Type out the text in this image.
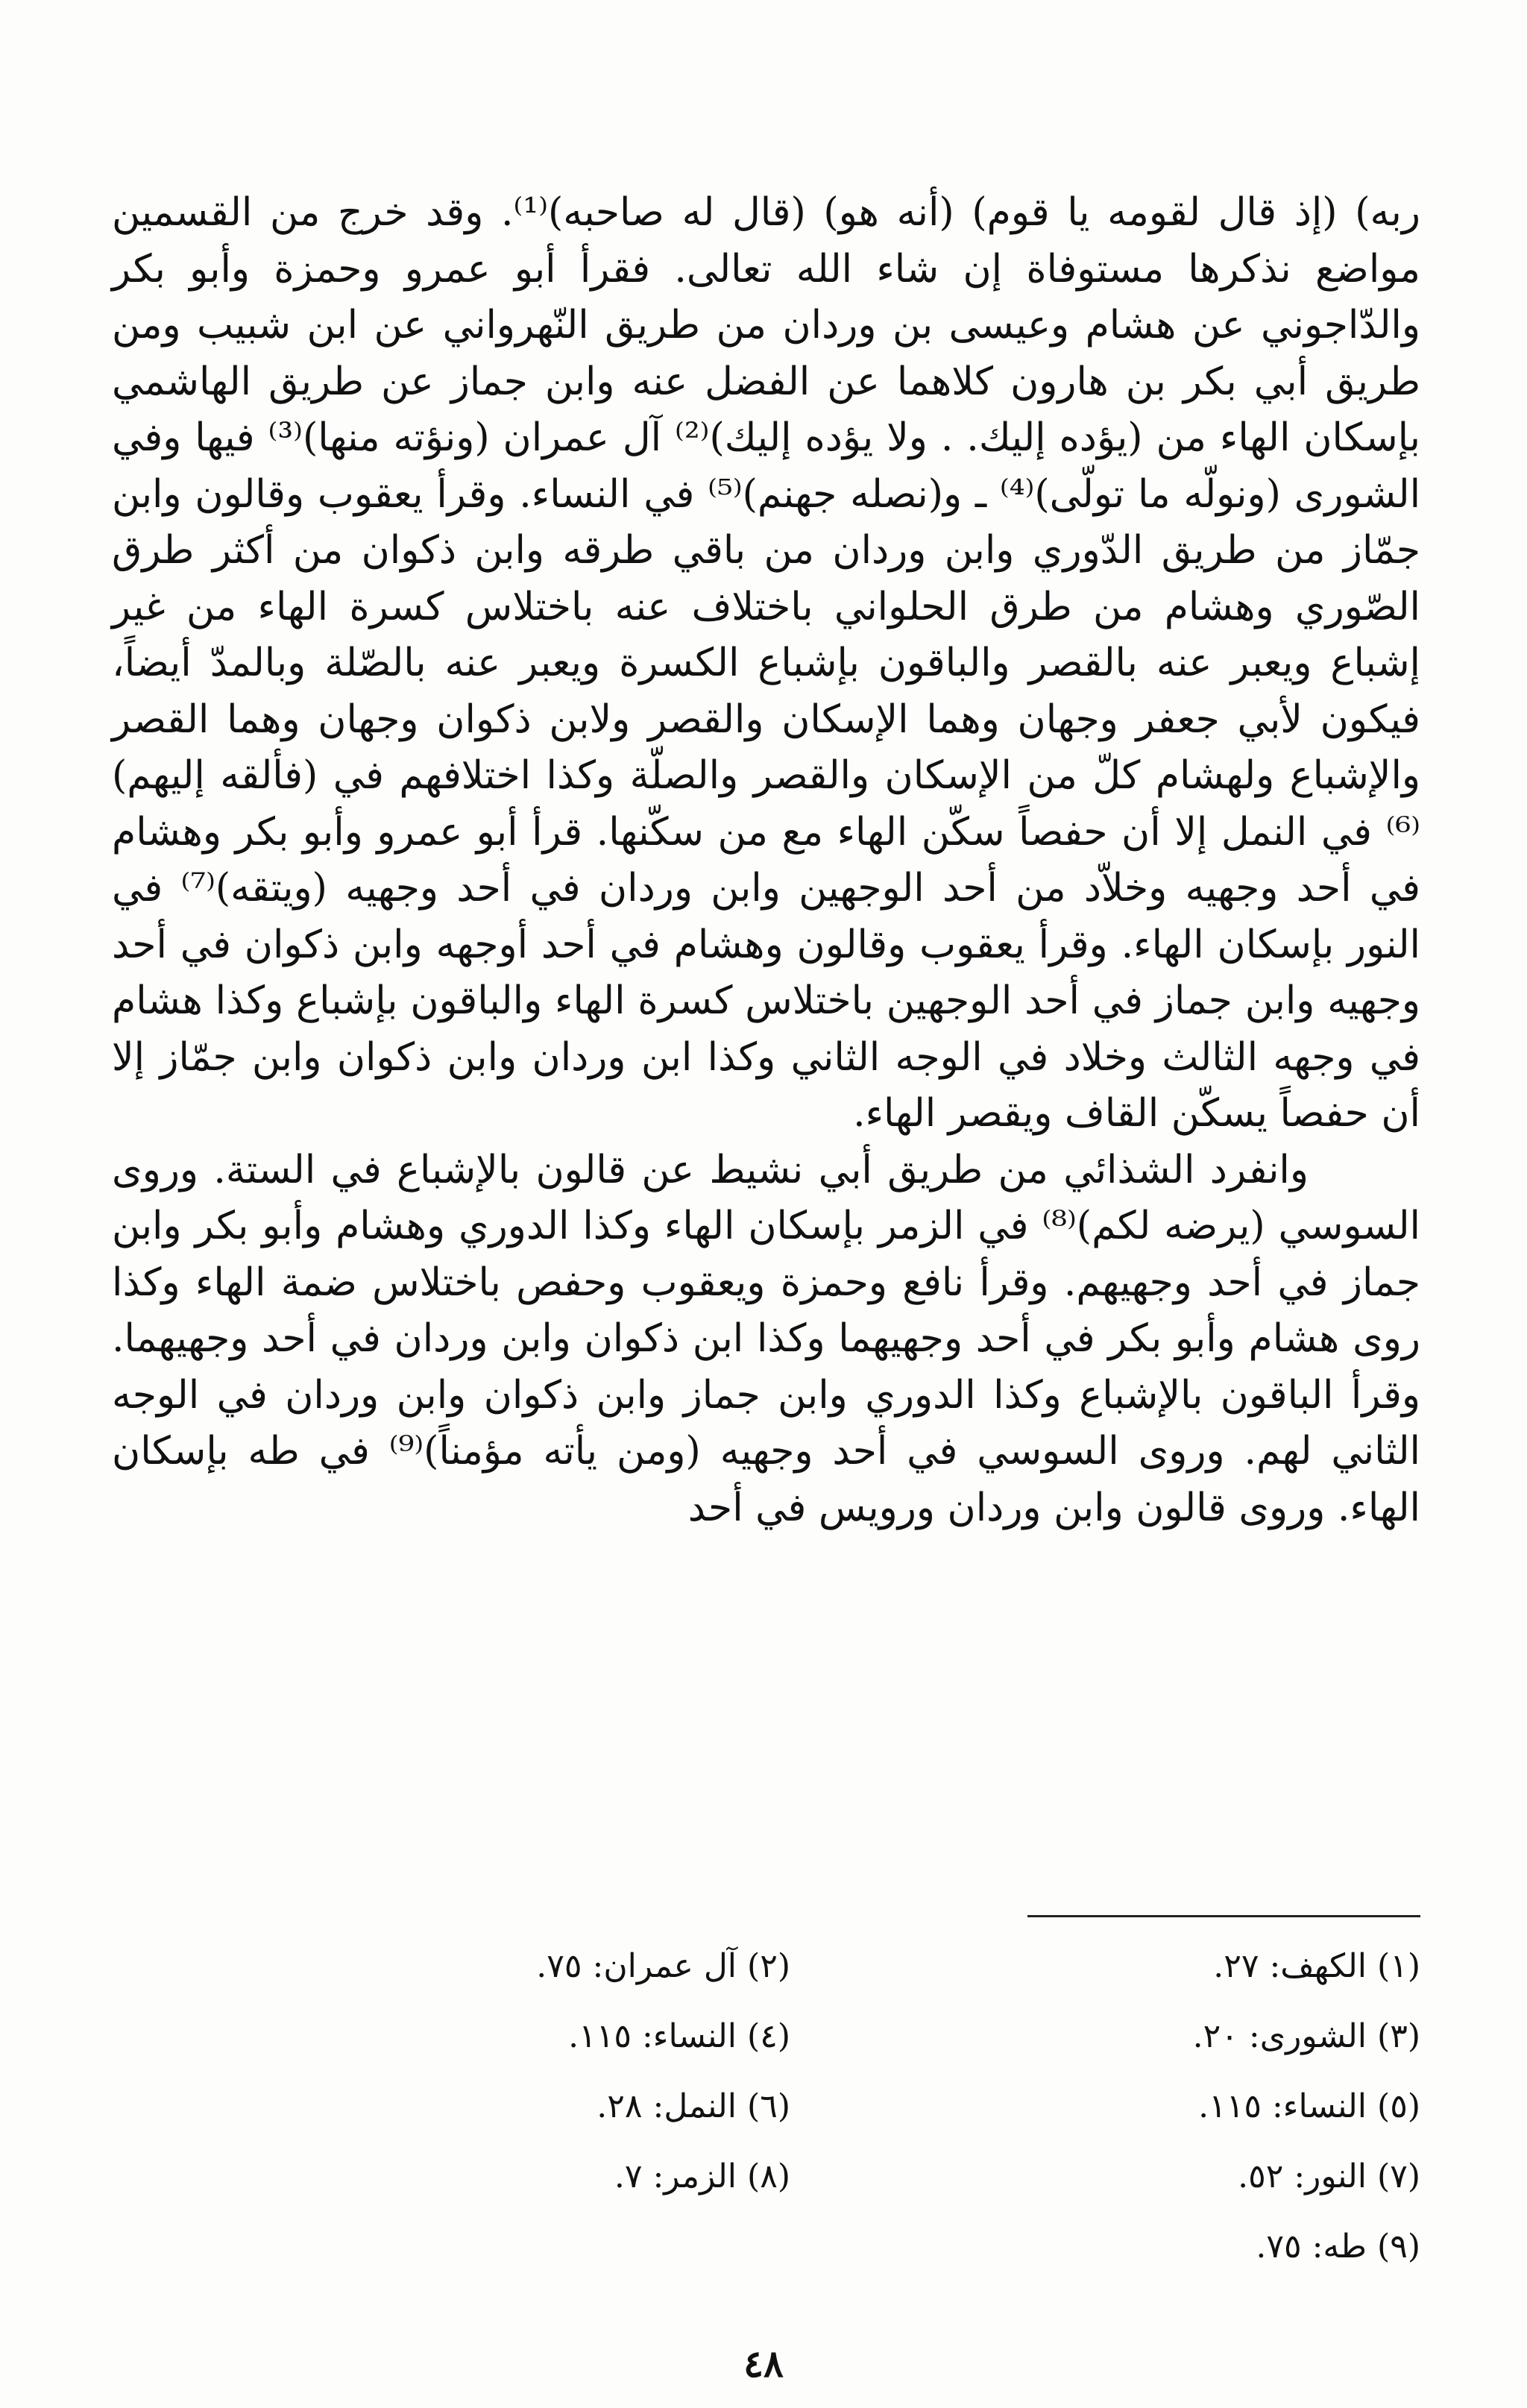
ربه) (إذ قال لقومه يا قوم) (أنه هو) (قال له صاحبه)⁽¹⁾. وقد خرج من القسمين مواضع نذكرها مستوفاة إن شاء الله تعالى. فقرأ أبو عمرو وحمزة وأبو بكر والدّاجوني عن هشام وعيسى بن وردان من طريق النّهرواني عن ابن شبيب ومن طريق أبي بكر بن هارون كلاهما عن الفضل عنه وابن جماز عن طريق الهاشمي بإسكان الهاء من (يؤده إليك. . ولا يؤده إليك)⁽²⁾ آل عمران (ونؤته منها)⁽³⁾ فيها وفي الشورى (ونولّه ما تولّى)⁽⁴⁾ ـ و(نصله جهنم)⁽⁵⁾ في النساء. وقرأ يعقوب وقالون وابن جمّاز من طريق الدّوري وابن وردان من باقي طرقه وابن ذكوان من أكثر طرق الصّوري وهشام من طرق الحلواني باختلاف عنه باختلاس كسرة الهاء من غير إشباع ويعبر عنه بالقصر والباقون بإشباع الكسرة ويعبر عنه بالصّلة وبالمدّ أيضاً، فيكون لأبي جعفر وجهان وهما الإسكان والقصر ولابن ذكوان وجهان وهما القصر والإشباع ولهشام كلّ من الإسكان والقصر والصلّة وكذا اختلافهم في (فألقه إليهم)⁽⁶⁾ في النمل إلا أن حفصاً سكّن الهاء مع من سكّنها. قرأ أبو عمرو وأبو بكر وهشام في أحد وجهيه وخلاّد من أحد الوجهين وابن وردان في أحد وجهيه (ويتقه)⁽⁷⁾ في النور بإسكان الهاء. وقرأ يعقوب وقالون وهشام في أحد أوجهه وابن ذكوان في أحد وجهيه وابن جماز في أحد الوجهين باختلاس كسرة الهاء والباقون بإشباع وكذا هشام في وجهه الثالث وخلاد في الوجه الثاني وكذا ابن وردان وابن ذكوان وابن جمّاز إلا أن حفصاً يسكّن القاف ويقصر الهاء.

وانفرد الشذائي من طريق أبي نشيط عن قالون بالإشباع في الستة. وروى السوسي (يرضه لكم)⁽⁸⁾ في الزمر بإسكان الهاء وكذا الدوري وهشام وأبو بكر وابن جماز في أحد وجهيهم. وقرأ نافع وحمزة ويعقوب وحفص باختلاس ضمة الهاء وكذا روى هشام وأبو بكر في أحد وجهيهما وكذا ابن ذكوان وابن وردان في أحد وجهيهما. وقرأ الباقون بالإشباع وكذا الدوري وابن جماز وابن ذكوان وابن وردان في الوجه الثاني لهم. وروى السوسي في أحد وجهيه (ومن يأته مؤمناً)⁽⁹⁾ في طه بإسكان الهاء. وروى قالون وابن وردان ورويس في أحد

(١) الكهف: ٢٧.
(٢) آل عمران: ٧٥.
(٣) الشورى: ٢٠.
(٤) النساء: ١١٥.
(٥) النساء: ١١٥.
(٦) النمل: ٢٨.
(٧) النور: ٥٢.
(٨) الزمر: ٧.
(٩) طه: ٧٥.
٤٨
